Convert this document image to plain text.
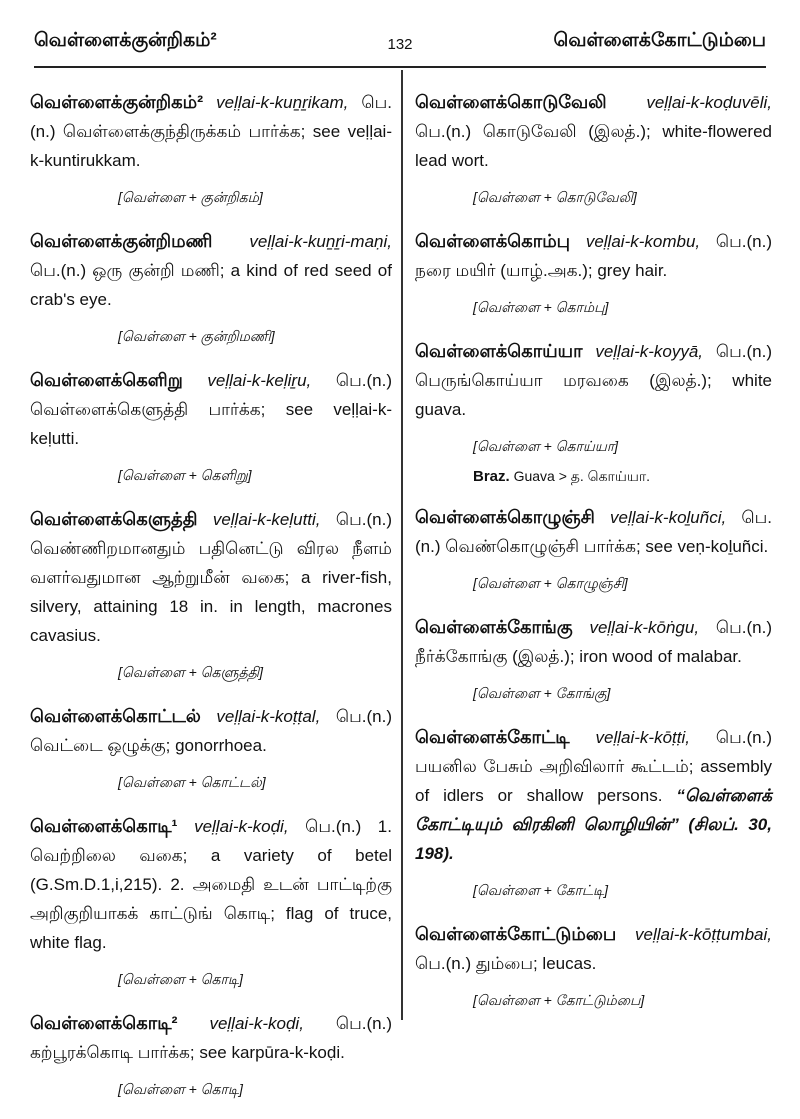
வெள்ளைக்குன்றிகம்²	132	வெள்ளைக்கோட்டும்பை

வெள்ளைக்குன்றிகம்² veḷḷai-k-kuṉṟikam, பெ.(n.) வெள்ளைக்குந்திருக்கம் பார்க்க; see veḷḷai-k-kuntirukkam.

[வெள்ளை + குன்றிகம்]

வெள்ளைக்குன்றிமணி veḷḷai-k-kuṉṟi-maṇi, பெ.(n.) ஒரு குன்றி மணி; a kind of red seed of crab's eye.

[வெள்ளை + குன்றிமணி]

வெள்ளைக்கெளிறு veḷḷai-k-keḷiṟu, பெ.(n.) வெள்ளைக்கெளுத்தி பார்க்க; see veḷḷai-k-keḷutti.

[வெள்ளை + கெளிறு]

வெள்ளைக்கெளுத்தி veḷḷai-k-keḷutti, பெ.(n.) வெண்ணிறமானதும் பதினெட்டு விரல நீளம் வளர்வதுமான ஆற்றுமீன் வகை; a river-fish, silvery, attaining 18 in. in length, macrones cavasius.

[வெள்ளை + கெளுத்தி]

வெள்ளைக்கொட்டல் veḷḷai-k-koṭṭal, பெ.(n.) வெட்டை ஒழுக்கு; gonorrhoea.

[வெள்ளை + கொட்டல்]

வெள்ளைக்கொடி¹ veḷḷai-k-koḍi, பெ.(n.) 1. வெற்றிலை வகை; a variety of betel (G.Sm.D.1,i,215). 2. அமைதி உடன் பாட்டிற்கு அறிகுறியாகக் காட்டுங் கொடி; flag of truce, white flag.

[வெள்ளை + கொடி]

வெள்ளைக்கொடி² veḷḷai-k-koḍi, பெ.(n.) கற்பூரக்கொடி பார்க்க; see karpūra-k-koḍi.

[வெள்ளை + கொடி]

வெள்ளைக்கொடுவேலி veḷḷai-k-koḍuvēli, பெ.(n.) கொடுவேலி (இலத்.); white-flowered lead wort.

[வெள்ளை + கொடுவேலி]

வெள்ளைக்கொம்பு veḷḷai-k-kombu, பெ.(n.) நரை மயிர் (யாழ்.அக.); grey hair.

[வெள்ளை + கொம்பு]

வெள்ளைக்கொய்யா veḷḷai-k-koyyā, பெ.(n.) பெருங்கொய்யா மரவகை (இலத்.); white guava.

[வெள்ளை + கொய்யா]
Braz. Guava > த. கொய்யா.

வெள்ளைக்கொழுஞ்சி veḷḷai-k-koḻuñci, பெ.(n.) வெண்கொழுஞ்சி பார்க்க; see veṇ-koḻuñci.

[வெள்ளை + கொழுஞ்சி]

வெள்ளைக்கோங்கு veḷḷai-k-kōṅgu, பெ.(n.) நீர்க்கோங்கு (இலத்.); iron wood of malabar.

[வெள்ளை + கோங்கு]

வெள்ளைக்கோட்டி veḷḷai-k-kōṭṭi, பெ.(n.) பயனில பேசும் அறிவிலார் கூட்டம்; assembly of idlers or shallow persons. “வெள்ளைக் கோட்டியும் விரகினி லொழியின்” (சிலப். 30, 198).

[வெள்ளை + கோட்டி]

வெள்ளைக்கோட்டும்பை veḷḷai-k-kōṭṭumbai, பெ.(n.) தும்பை; leucas.

[வெள்ளை + கோட்டும்பை]
